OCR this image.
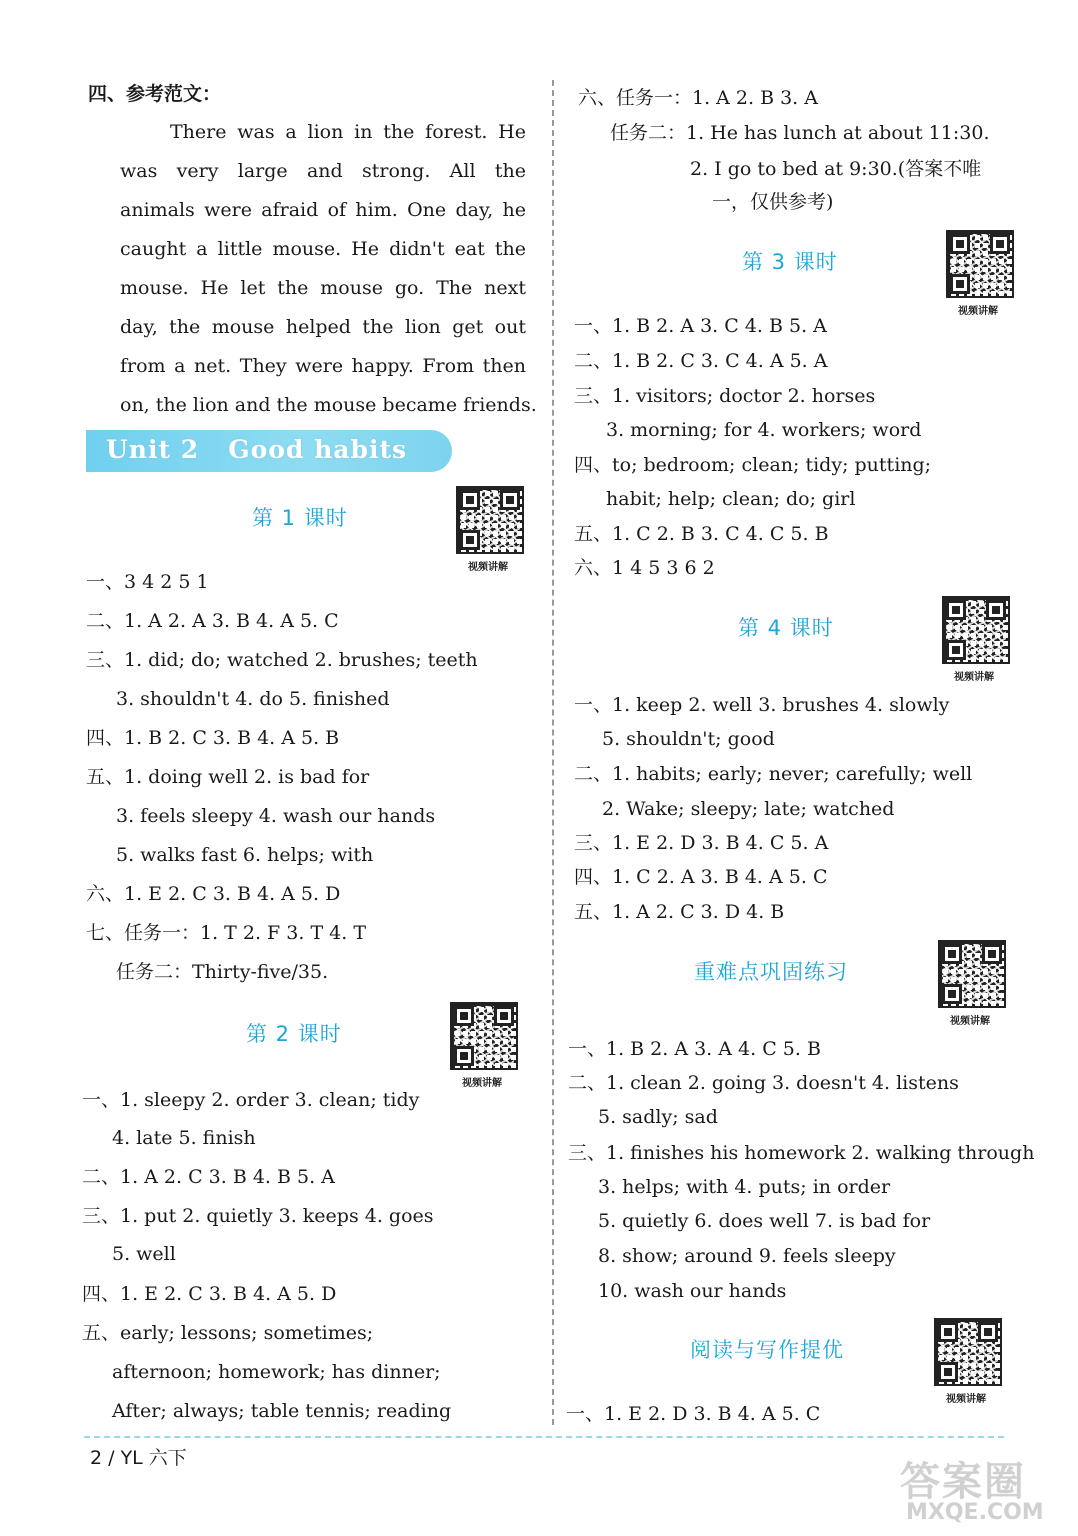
四、参考范文：
There was a lion in the forest. He
was very large and strong. All the
animals were afraid of him. One day, he
caught a little mouse. He didn't eat the
mouse. He let the mouse go. The next
day, the mouse helped the lion get out
from a net. They were happy. From then
on, the lion and the mouse became friends.
Unit 2   Good habits
第 1 课时
视频讲解
一、3 4 2 5 1
二、1. A 2. A 3. B 4. A 5. C
三、1. did; do; watched 2. brushes; teeth
3. shouldn't 4. do 5. finished
四、1. B 2. C 3. B 4. A 5. B
五、1. doing well 2. is bad for
3. feels sleepy 4. wash our hands
5. walks fast 6. helps; with
六、1. E 2. C 3. B 4. A 5. D
七、任务一：1. T 2. F 3. T 4. T
任务二：Thirty-five/35.
第 2 课时
视频讲解
一、1. sleepy 2. order 3. clean; tidy
4. late 5. finish
二、1. A 2. C 3. B 4. B 5. A
三、1. put 2. quietly 3. keeps 4. goes
5. well
四、1. E 2. C 3. B 4. A 5. D
五、early; lessons; sometimes;
afternoon; homework; has dinner;
After; always; table tennis; reading
六、任务一：1. A 2. B 3. A
任务二：1. He has lunch at about 11:30.
2. I go to bed at 9:30.(答案不唯
一，仅供参考)
第 3 课时
视频讲解
一、1. B 2. A 3. C 4. B 5. A
二、1. B 2. C 3. C 4. A 5. A
三、1. visitors; doctor 2. horses
3. morning; for 4. workers; word
四、to; bedroom; clean; tidy; putting;
habit; help; clean; do; girl
五、1. C 2. B 3. C 4. C 5. B
六、1 4 5 3 6 2
第 4 课时
视频讲解
一、1. keep 2. well 3. brushes 4. slowly
5. shouldn't; good
二、1. habits; early; never; carefully; well
2. Wake; sleepy; late; watched
三、1. E 2. D 3. B 4. C 5. A
四、1. C 2. A 3. B 4. A 5. C
五、1. A 2. C 3. D 4. B
重难点巩固练习
视频讲解
一、1. B 2. A 3. A 4. C 5. B
二、1. clean 2. going 3. doesn't 4. listens
5. sadly; sad
三、1. finishes his homework 2. walking through
3. helps; with 4. puts; in order
5. quietly 6. does well 7. is bad for
8. show; around 9. feels sleepy
10. wash our hands
阅读与写作提优
视频讲解
一、1. E 2. D 3. B 4. A 5. C
2 / YL 六下
答案圈
MXQE.COM
